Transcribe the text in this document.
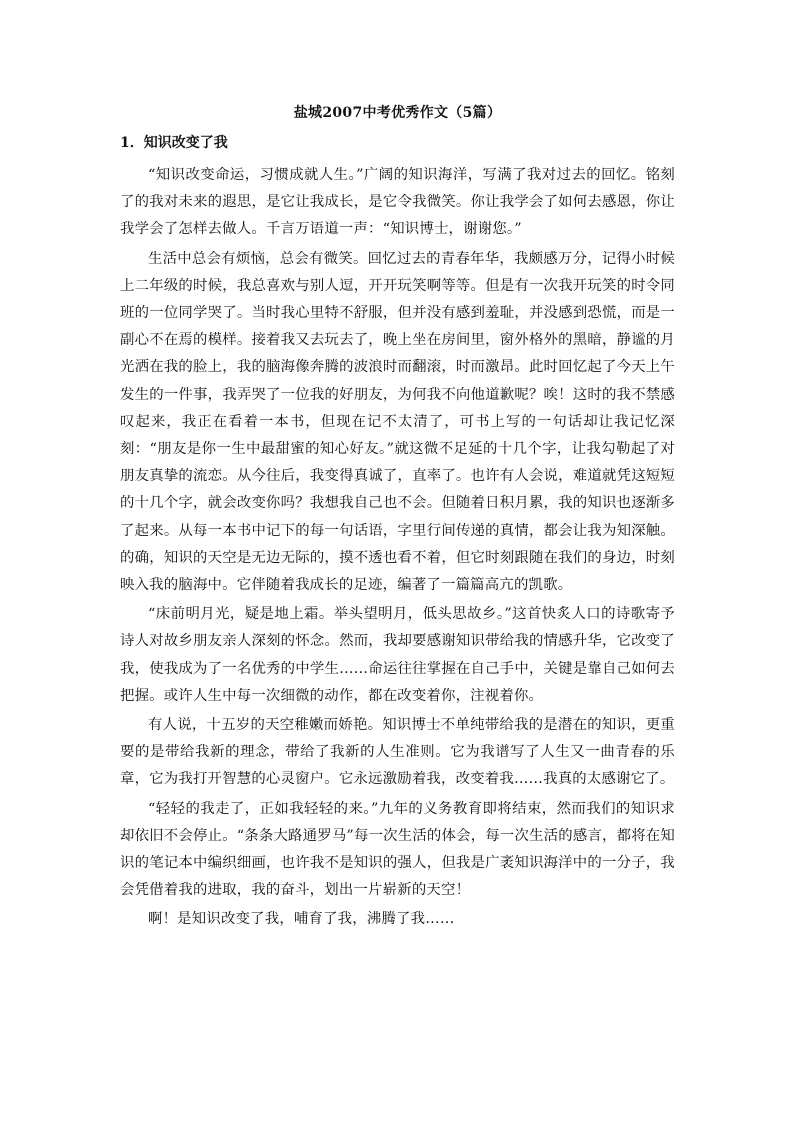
盐城2007中考优秀作文（5篇）
1．知识改变了我

“知识改变命运，习惯成就人生。”广阔的知识海洋，写满了我对过去的回忆。铭刻了的我对未来的遐思，是它让我成长，是它令我微笑。你让我学会了如何去感恩，你让我学会了怎样去做人。千言万语道一声：“知识博士，谢谢您。”

生活中总会有烦恼，总会有微笑。回忆过去的青春年华，我颇感万分，记得小时候上二年级的时候，我总喜欢与别人逗，开开玩笑啊等等。但是有一次我开玩笑的时令同班的一位同学哭了。当时我心里特不舒服，但并没有感到羞耻，并没感到恐慌，而是一副心不在焉的模样。接着我又去玩去了，晚上坐在房间里，窗外格外的黑暗，静谧的月光洒在我的脸上，我的脑海像奔腾的波浪时而翻滚，时而激昂。此时回忆起了今天上午发生的一件事，我弄哭了一位我的好朋友，为何我不向他道歉呢？唉！这时的我不禁感叹起来，我正在看着一本书，但现在记不太清了，可书上写的一句话却让我记忆深刻：“朋友是你一生中最甜蜜的知心好友。”就这微不足延的十几个字，让我勾勒起了对朋友真挚的流恋。从今往后，我变得真诚了，直率了。也许有人会说，难道就凭这短短的十几个字，就会改变你吗？我想我自己也不会。但随着日积月累，我的知识也逐渐多了起来。从每一本书中记下的每一句话语，字里行间传递的真情，都会让我为知深触。的确，知识的天空是无边无际的，摸不透也看不着，但它时刻跟随在我们的身边，时刻映入我的脑海中。它伴随着我成长的足迹，编著了一篇篇高亢的凯歌。

“床前明月光，疑是地上霜。举头望明月，低头思故乡。”这首快炙人口的诗歌寄予诗人对故乡朋友亲人深刻的怀念。然而，我却要感谢知识带给我的情感升华，它改变了我，使我成为了一名优秀的中学生……命运往往掌握在自己手中，关键是靠自己如何去把握。或许人生中每一次细微的动作，都在改变着你，注视着你。

有人说，十五岁的天空稚嫩而娇艳。知识博士不单纯带给我的是潜在的知识，更重要的是带给我新的理念，带给了我新的人生准则。它为我谱写了人生又一曲青春的乐章，它为我打开智慧的心灵窗户。它永远激励着我，改变着我……我真的太感谢它了。

“轻轻的我走了，正如我轻轻的来。”九年的义务教育即将结束，然而我们的知识求却依旧不会停止。“条条大路通罗马”每一次生活的体会，每一次生活的感言，都将在知识的笔记本中编织细画，也许我不是知识的强人，但我是广袤知识海洋中的一分子，我会凭借着我的进取，我的奋斗，划出一片崭新的天空！

啊！是知识改变了我，哺育了我，沸腾了我……
